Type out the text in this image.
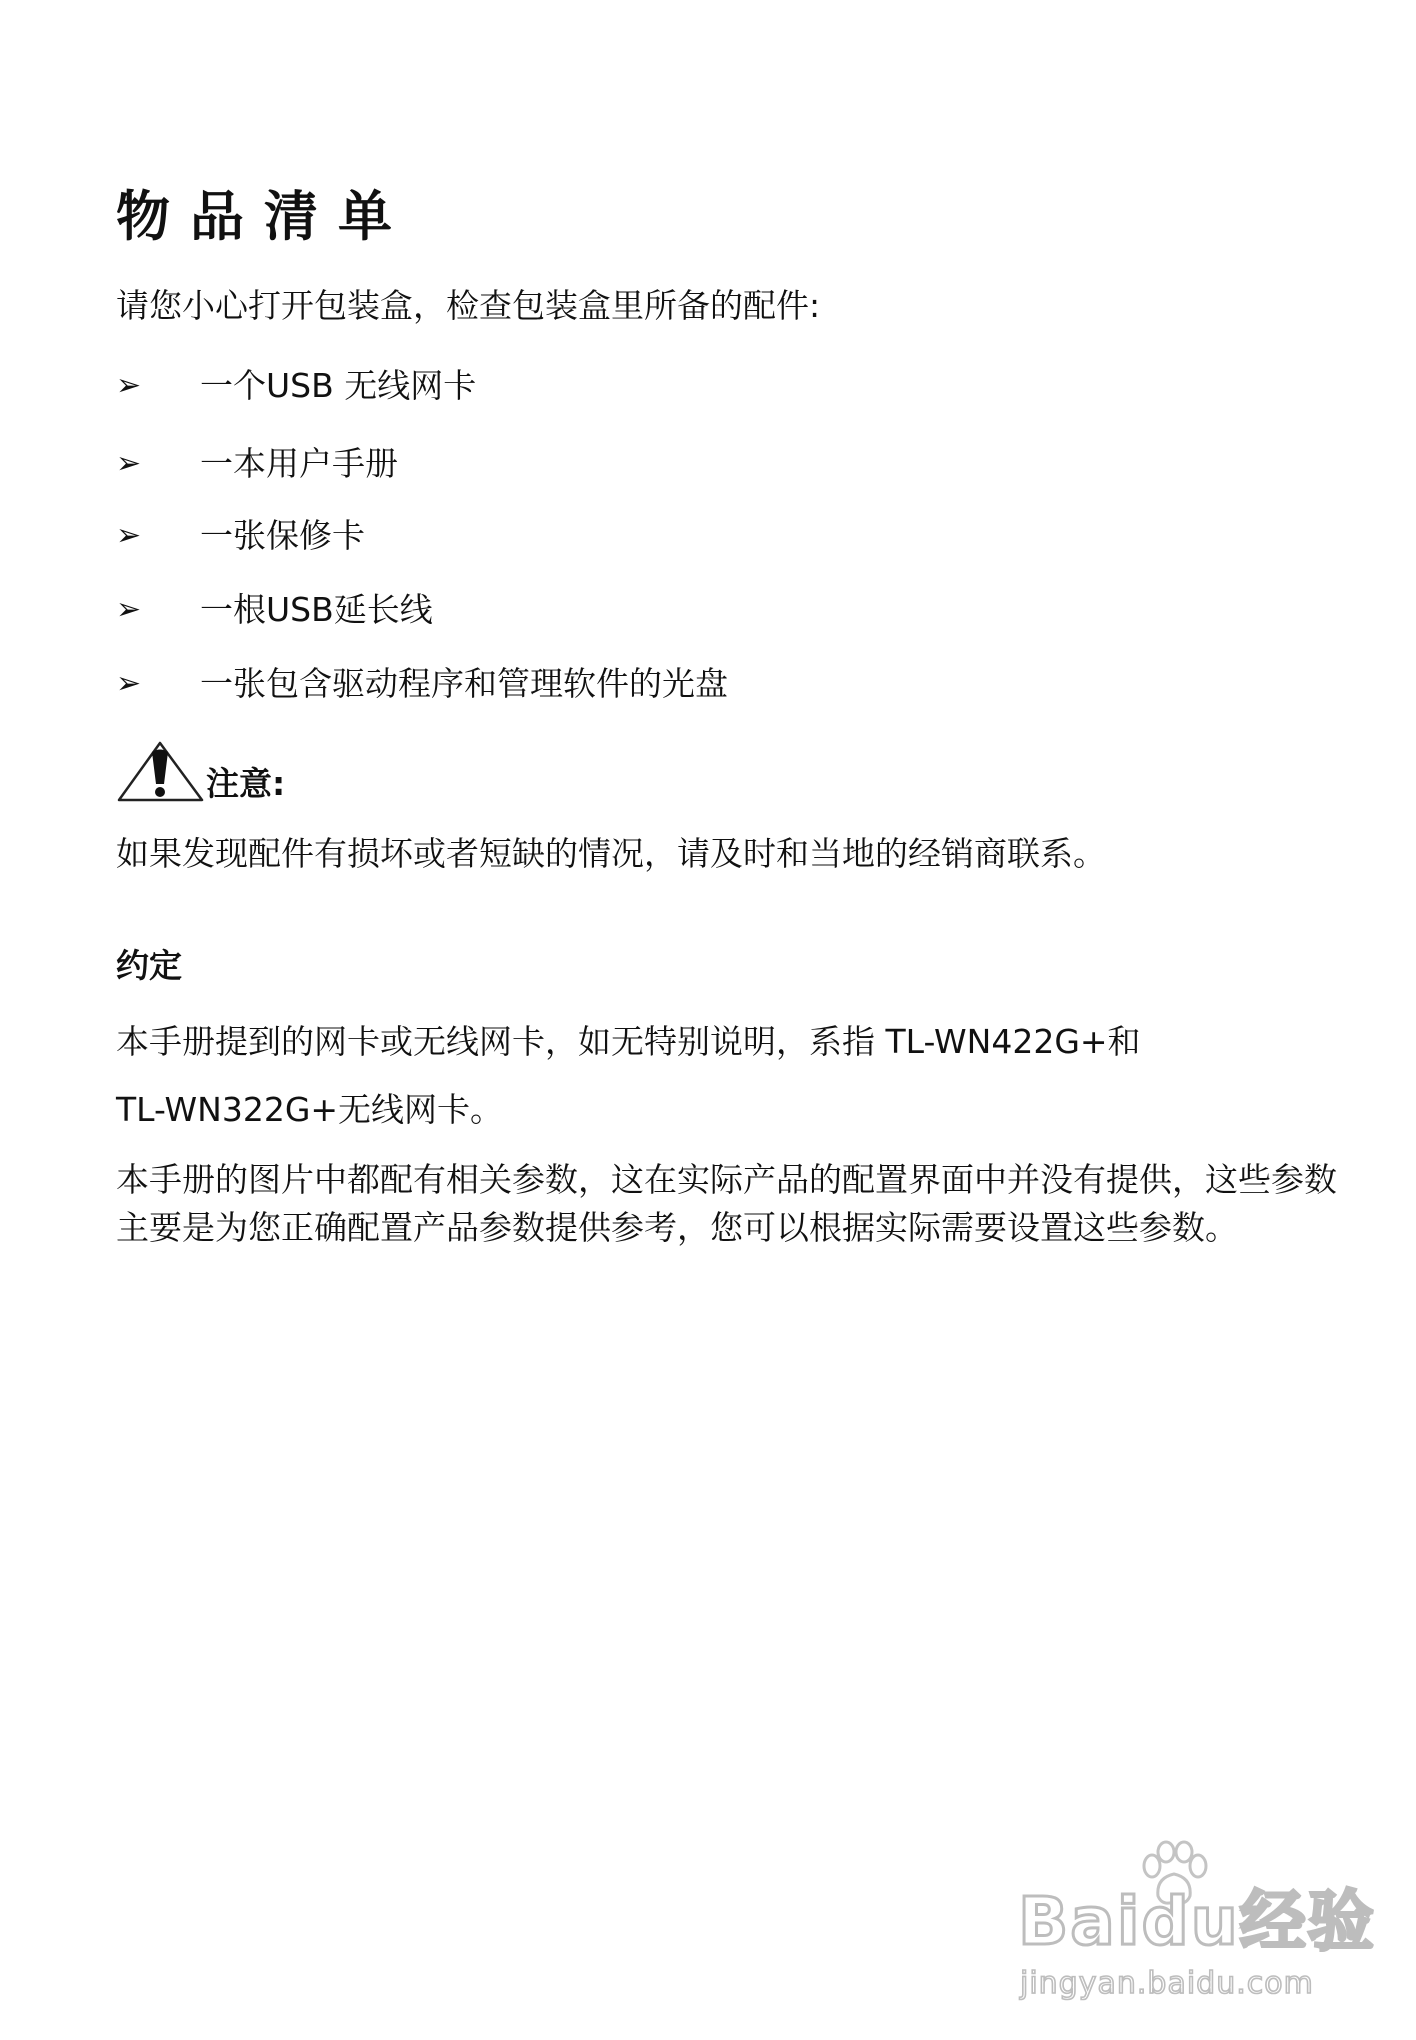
物品清单

请您小心打开包装盒，检查包装盒里所备的配件:

➢ 一个USB 无线网卡
➢ 一本用户手册
➢ 一张保修卡
➢ 一根USB延长线
➢ 一张包含驱动程序和管理软件的光盘
注意:

如果发现配件有损坏或者短缺的情况，请及时和当地的经销商联系。

约定

本手册提到的网卡或无线网卡，如无特别说明，系指 TL-WN422G+和

TL-WN322G+无线网卡。

本手册的图片中都配有相关参数，这在实际产品的配置界面中并没有提供，这些参数主要是为您正确配置产品参数提供参考，您可以根据实际需要设置这些参数。

Baidu经验
jingyan.baidu.com
